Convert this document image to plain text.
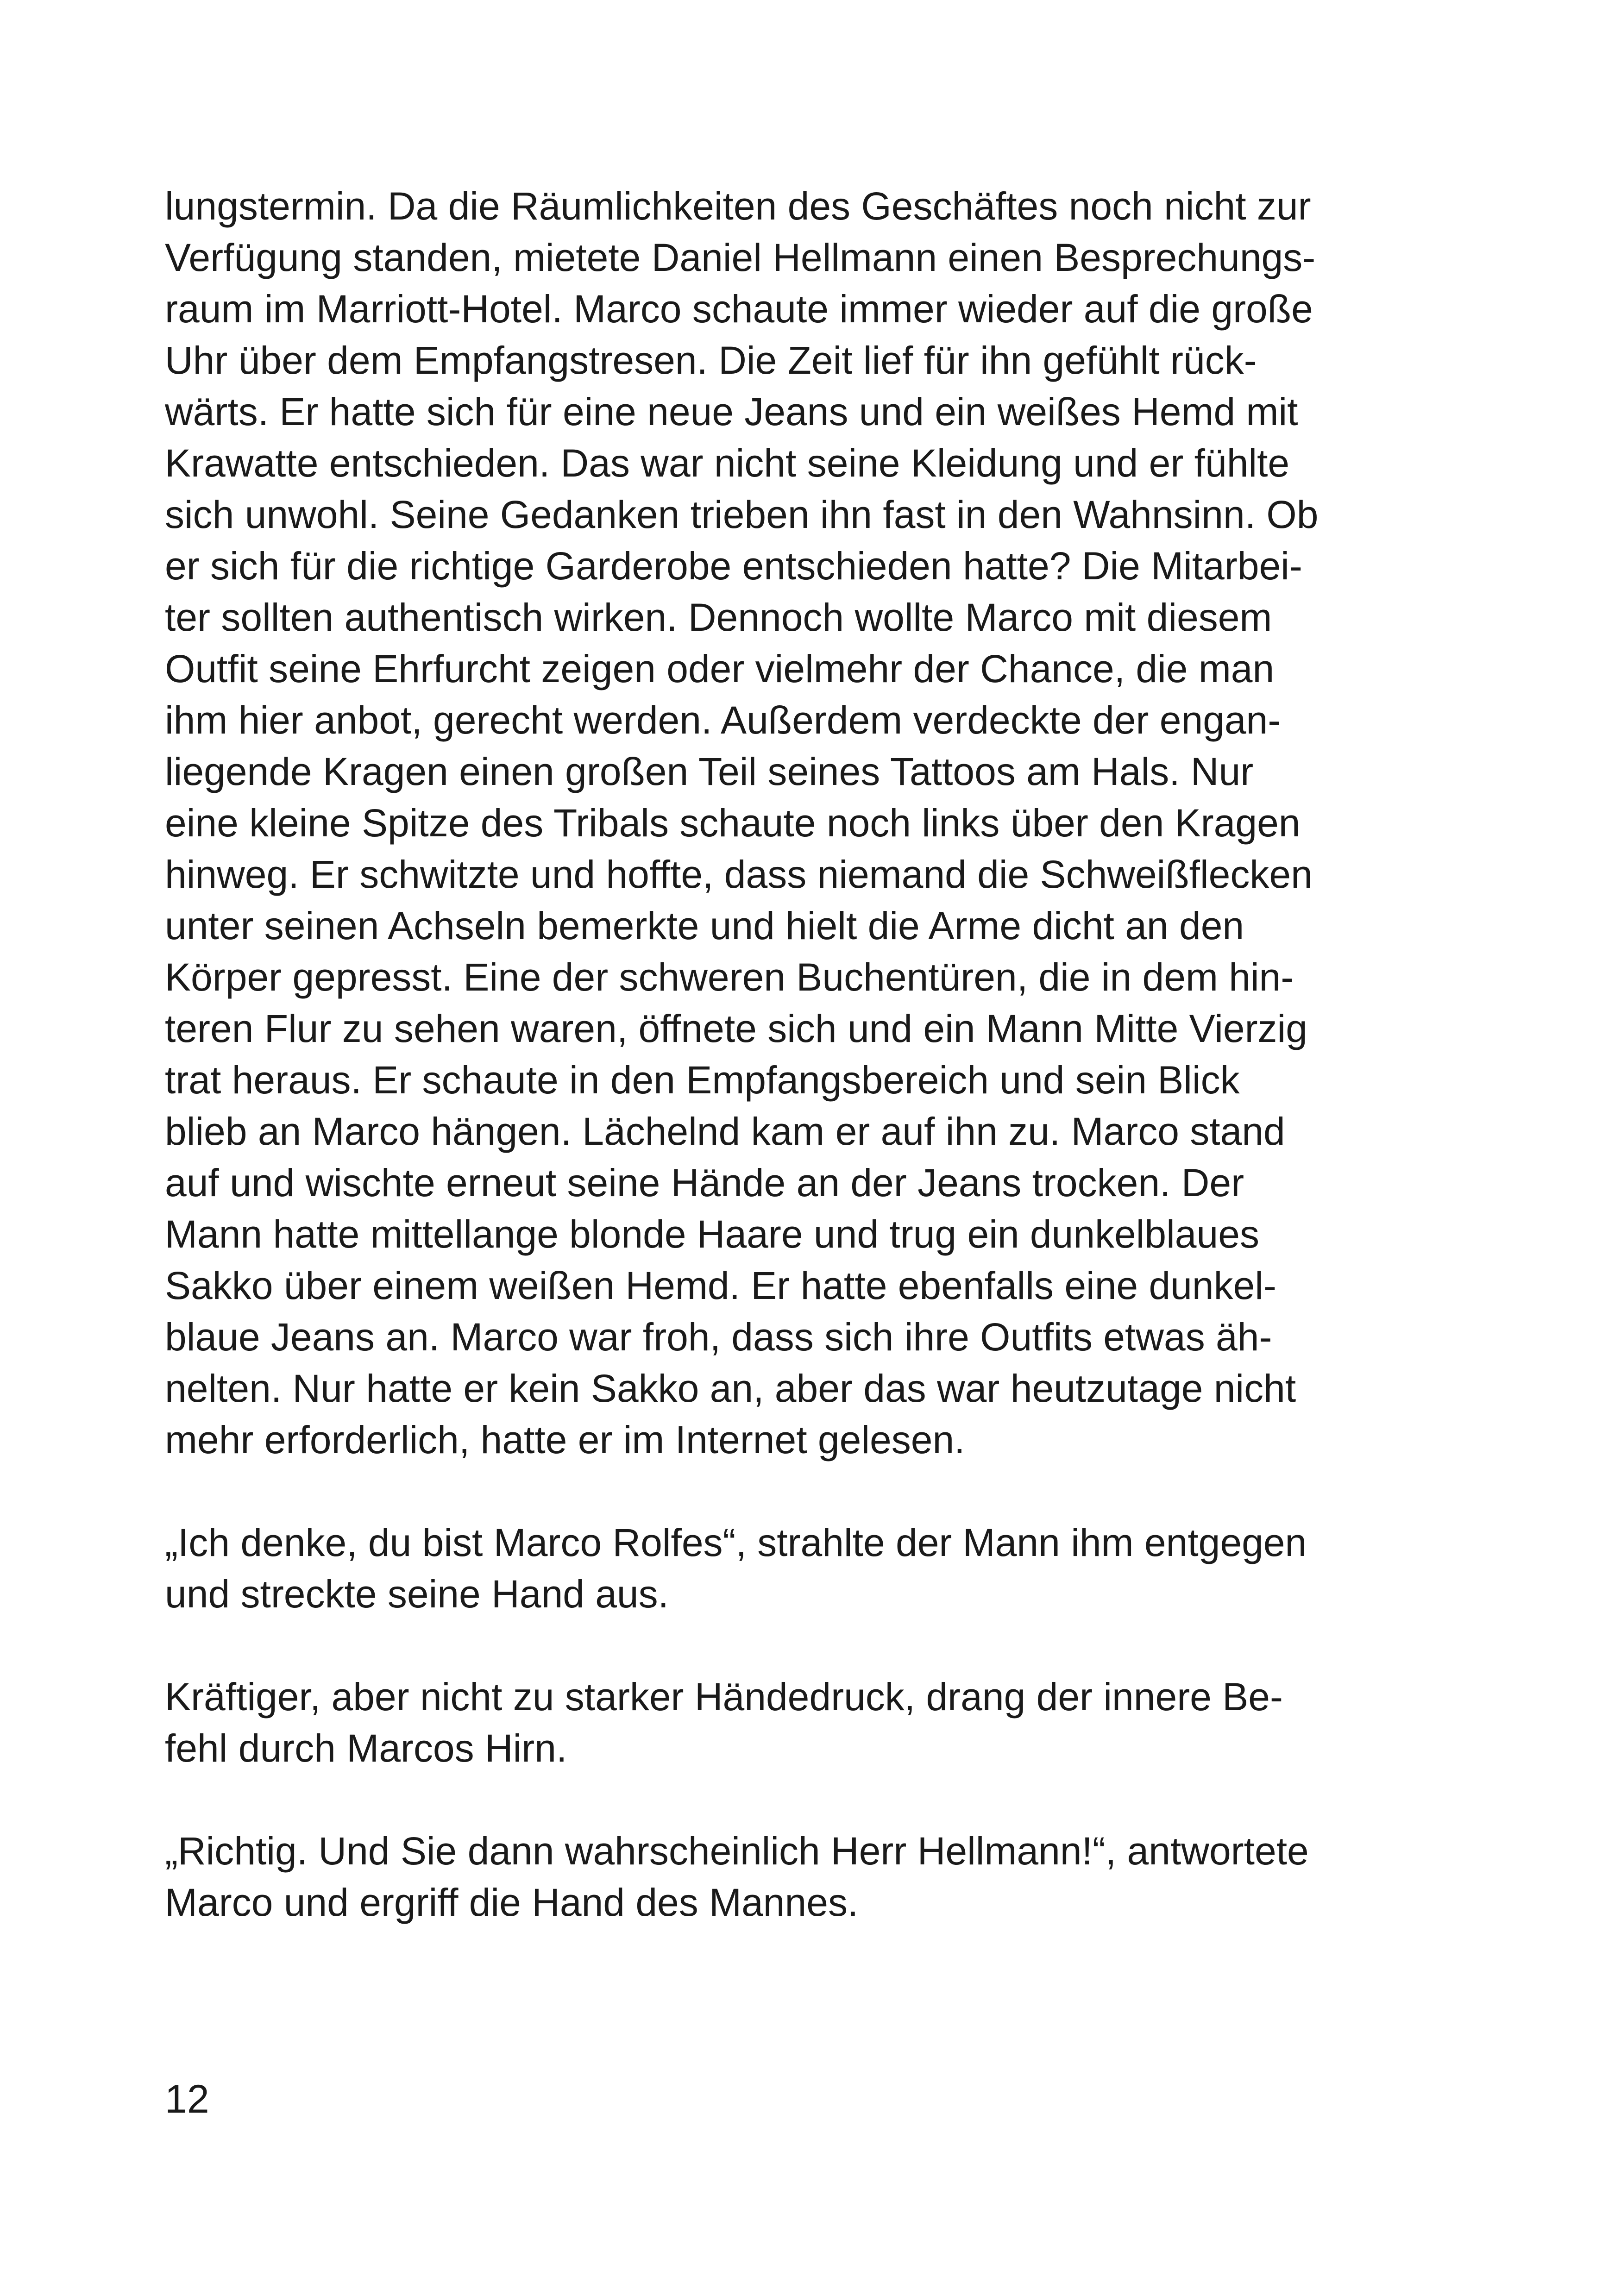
lungstermin. Da die Räumlichkeiten des Geschäftes noch nicht zur
Verfügung standen, mietete Daniel Hellmann einen Besprechungs-
raum im Marriott-Hotel. Marco schaute immer wieder auf die große
Uhr über dem Empfangstresen. Die Zeit lief für ihn gefühlt rück-
wärts. Er hatte sich für eine neue Jeans und ein weißes Hemd mit
Krawatte entschieden. Das war nicht seine Kleidung und er fühlte
sich unwohl. Seine Gedanken trieben ihn fast in den Wahnsinn. Ob
er sich für die richtige Garderobe entschieden hatte? Die Mitarbei-
ter sollten authentisch wirken. Dennoch wollte Marco mit diesem
Outfit seine Ehrfurcht zeigen oder vielmehr der Chance, die man
ihm hier anbot, gerecht werden. Außerdem verdeckte der engan-
liegende Kragen einen großen Teil seines Tattoos am Hals. Nur
eine kleine Spitze des Tribals schaute noch links über den Kragen
hinweg. Er schwitzte und hoffte, dass niemand die Schweißflecken
unter seinen Achseln bemerkte und hielt die Arme dicht an den
Körper gepresst. Eine der schweren Buchentüren, die in dem hin-
teren Flur zu sehen waren, öffnete sich und ein Mann Mitte Vierzig
trat heraus. Er schaute in den Empfangsbereich und sein Blick
blieb an Marco hängen. Lächelnd kam er auf ihn zu. Marco stand
auf und wischte erneut seine Hände an der Jeans trocken. Der
Mann hatte mittellange blonde Haare und trug ein dunkelblaues
Sakko über einem weißen Hemd. Er hatte ebenfalls eine dunkel-
blaue Jeans an. Marco war froh, dass sich ihre Outfits etwas äh-
nelten. Nur hatte er kein Sakko an, aber das war heutzutage nicht
mehr erforderlich, hatte er im Internet gelesen.
„Ich denke, du bist Marco Rolfes“, strahlte der Mann ihm entgegen
und streckte seine Hand aus.
Kräftiger, aber nicht zu starker Händedruck, drang der innere Be-
fehl durch Marcos Hirn.
„Richtig. Und Sie dann wahrscheinlich Herr Hellmann!“, antwortete
Marco und ergriff die Hand des Mannes.
12
